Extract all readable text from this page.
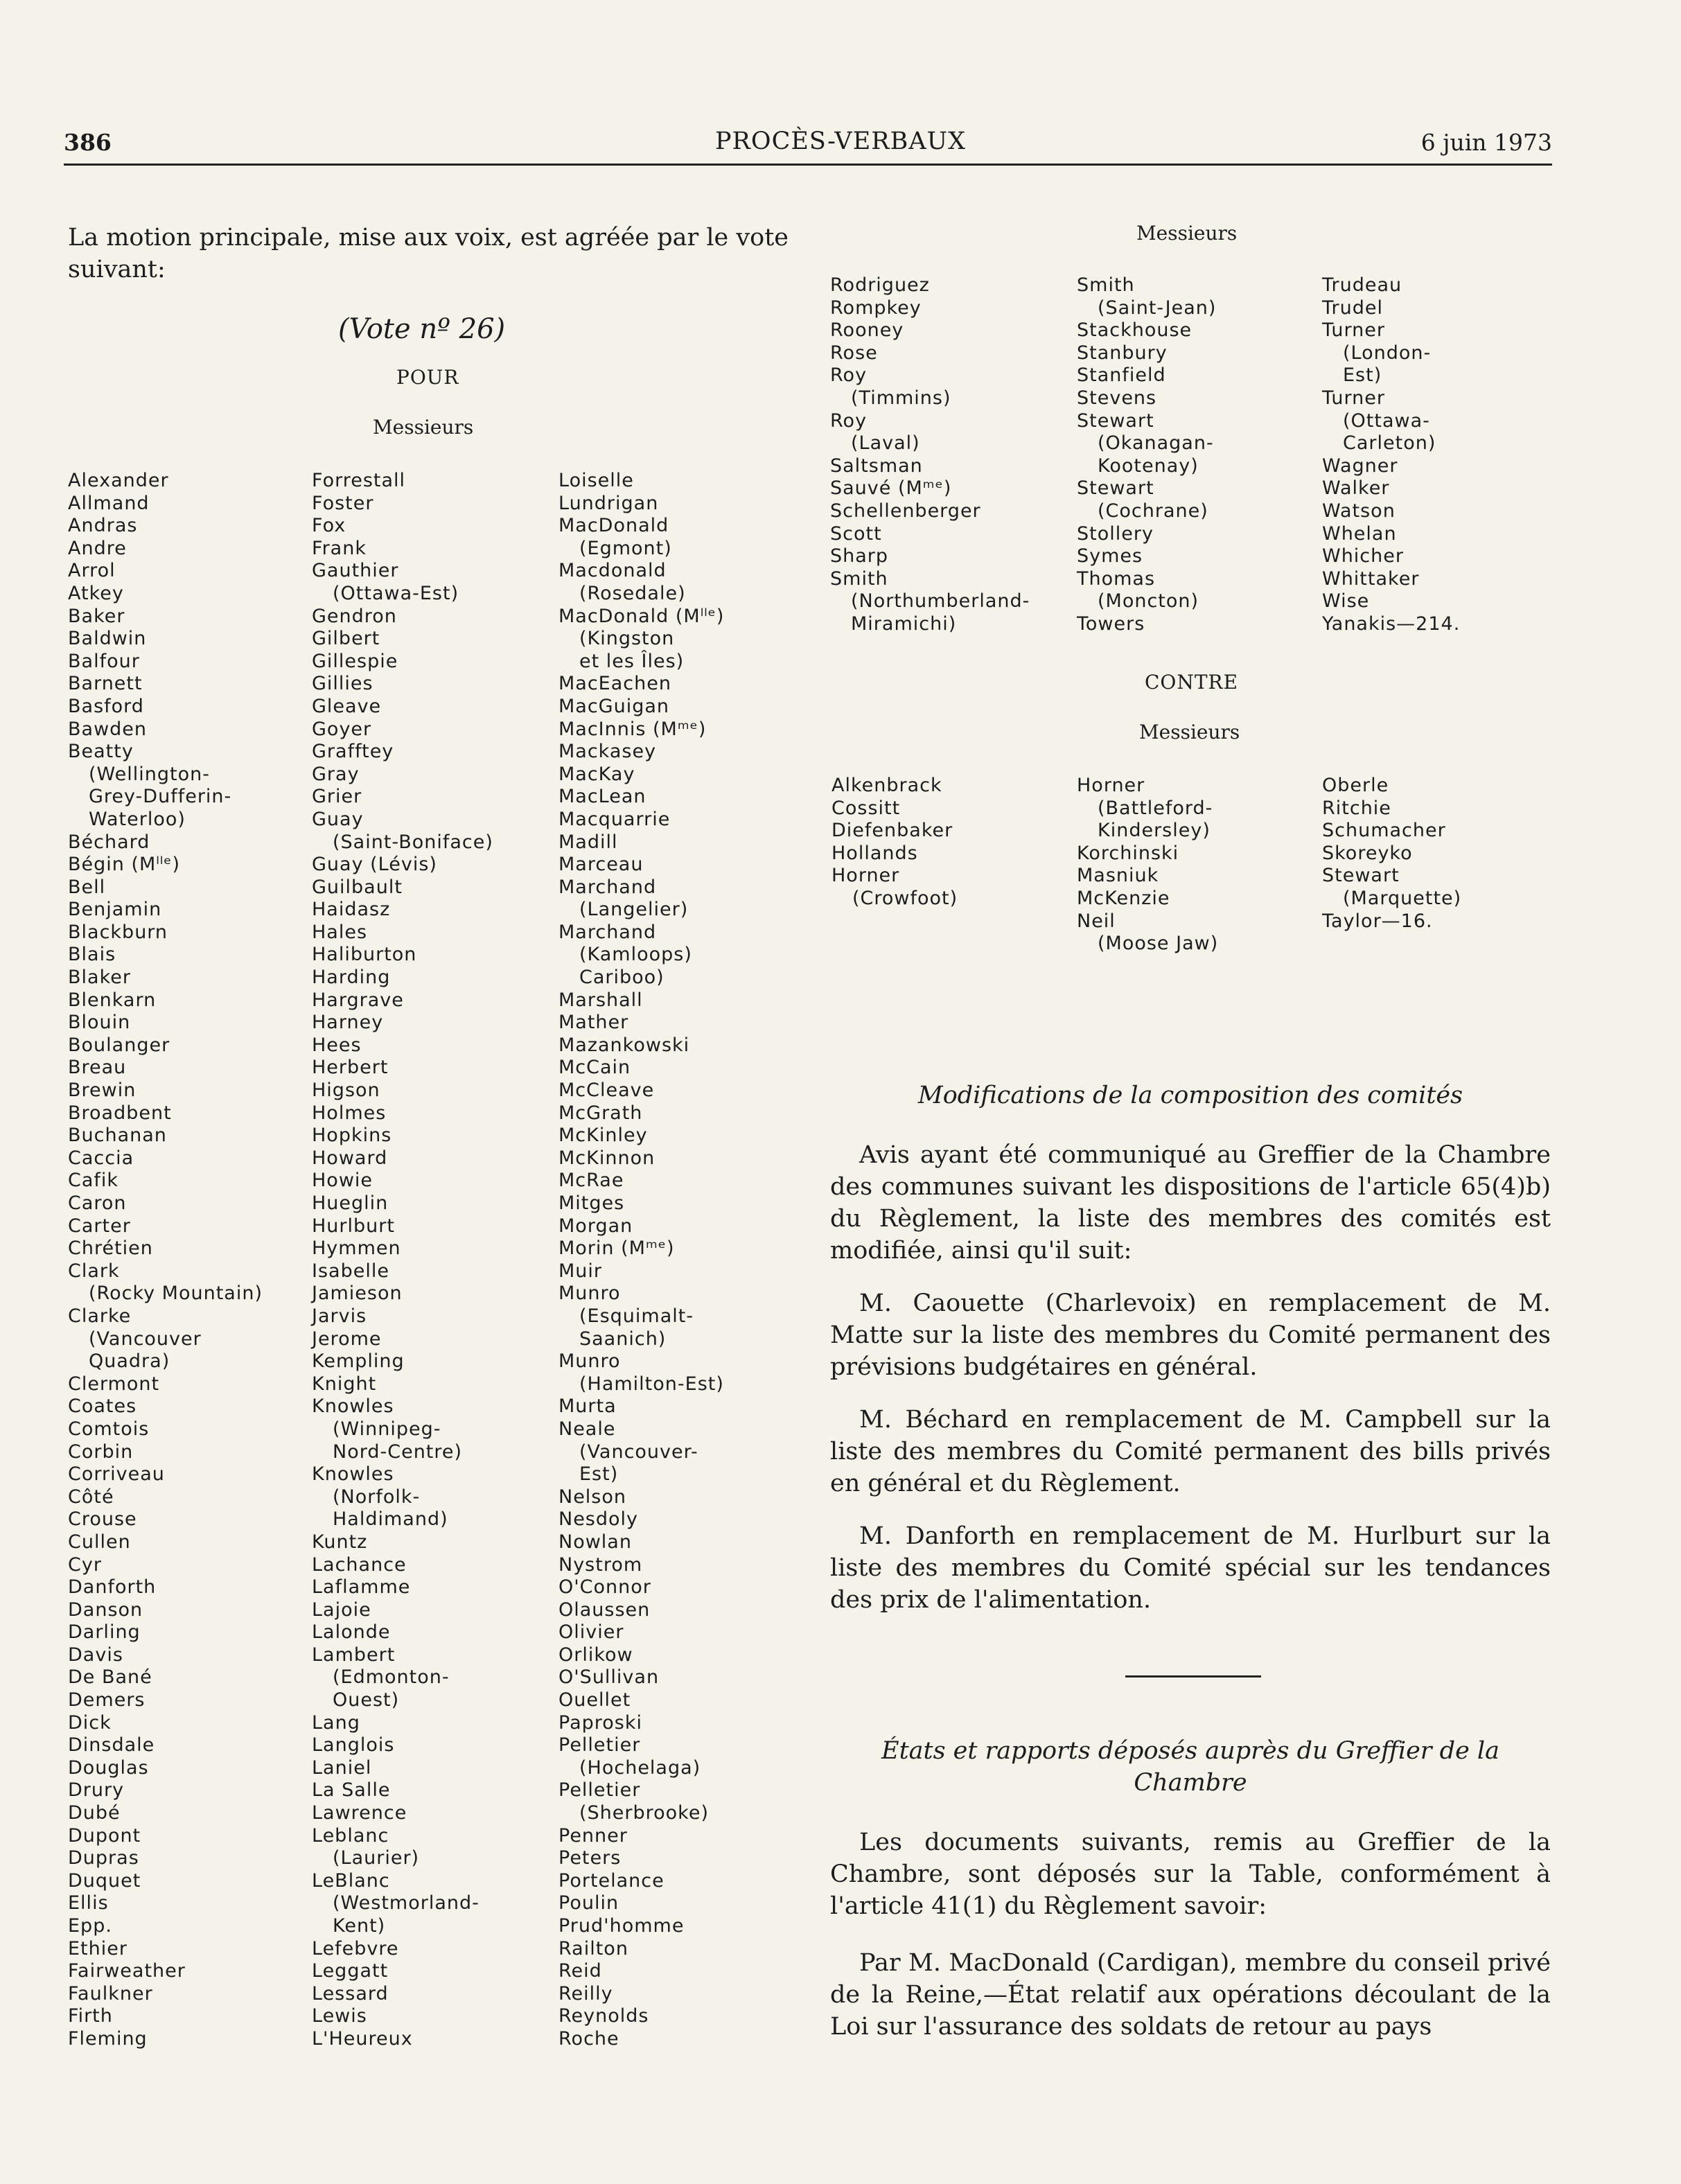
386	PROCÈS-VERBAUX	6 juin 1973
La motion principale, mise aux voix, est agréée par le vote suivant:
(Vote nº 26)
POUR
Messieurs
Alexander
Allmand
Andras
Andre
Arrol
Atkey
Baker
Baldwin
Balfour
Barnett
Basford
Bawden
Beatty
(Wellington-
Grey-Dufferin-
Waterloo)
Béchard
Bégin (Mˡˡᵉ)
Bell
Benjamin
Blackburn
Blais
Blaker
Blenkarn
Blouin
Boulanger
Breau
Brewin
Broadbent
Buchanan
Caccia
Cafik
Caron
Carter
Chrétien
Clark
(Rocky Mountain)
Clarke
(Vancouver
Quadra)
Clermont
Coates
Comtois
Corbin
Corriveau
Côté
Crouse
Cullen
Cyr
Danforth
Danson
Darling
Davis
De Bané
Demers
Dick
Dinsdale
Douglas
Drury
Dubé
Dupont
Dupras
Duquet
Ellis
Epp.
Ethier
Fairweather
Faulkner
Firth
Fleming
Forrestall
Foster
Fox
Frank
Gauthier
(Ottawa-Est)
Gendron
Gilbert
Gillespie
Gillies
Gleave
Goyer
Grafftey
Gray
Grier
Guay
(Saint-Boniface)
Guay (Lévis)
Guilbault
Haidasz
Hales
Haliburton
Harding
Hargrave
Harney
Hees
Herbert
Higson
Holmes
Hopkins
Howard
Howie
Hueglin
Hurlburt
Hymmen
Isabelle
Jamieson
Jarvis
Jerome
Kempling
Knight
Knowles
(Winnipeg-
Nord-Centre)
Knowles
(Norfolk-
Haldimand)
Kuntz
Lachance
Laflamme
Lajoie
Lalonde
Lambert
(Edmonton-
Ouest)
Lang
Langlois
Laniel
La Salle
Lawrence
Leblanc
(Laurier)
LeBlanc
(Westmorland-
Kent)
Lefebvre
Leggatt
Lessard
Lewis
L'Heureux
Loiselle
Lundrigan
MacDonald
(Egmont)
Macdonald
(Rosedale)
MacDonald (Mˡˡᵉ)
(Kingston
et les Îles)
MacEachen
MacGuigan
MacInnis (Mᵐᵉ)
Mackasey
MacKay
MacLean
Macquarrie
Madill
Marceau
Marchand
(Langelier)
Marchand
(Kamloops)
Cariboo)
Marshall
Mather
Mazankowski
McCain
McCleave
McGrath
McKinley
McKinnon
McRae
Mitges
Morgan
Morin (Mᵐᵉ)
Muir
Munro
(Esquimalt-
Saanich)
Munro
(Hamilton-Est)
Murta
Neale
(Vancouver-
Est)
Nelson
Nesdoly
Nowlan
Nystrom
O'Connor
Olaussen
Olivier
Orlikow
O'Sullivan
Ouellet
Paproski
Pelletier
(Hochelaga)
Pelletier
(Sherbrooke)
Penner
Peters
Portelance
Poulin
Prud'homme
Railton
Reid
Reilly
Reynolds
Roche
Messieurs
Rodriguez
Rompkey
Rooney
Rose
Roy
(Timmins)
Roy
(Laval)
Saltsman
Sauvé (Mᵐᵉ)
Schellenberger
Scott
Sharp
Smith
(Northumberland-
Miramichi)
Smith
(Saint-Jean)
Stackhouse
Stanbury
Stanfield
Stevens
Stewart
(Okanagan-
Kootenay)
Stewart
(Cochrane)
Stollery
Symes
Thomas
(Moncton)
Towers
Trudeau
Trudel
Turner
(London-
Est)
Turner
(Ottawa-
Carleton)
Wagner
Walker
Watson
Whelan
Whicher
Whittaker
Wise
Yanakis—214.
CONTRE
Messieurs
Alkenbrack
Cossitt
Diefenbaker
Hollands
Horner
(Crowfoot)
Horner
(Battleford-
Kindersley)
Korchinski
Masniuk
McKenzie
Neil
(Moose Jaw)
Oberle
Ritchie
Schumacher
Skoreyko
Stewart
(Marquette)
Taylor—16.
Modifications de la composition des comités
Avis ayant été communiqué au Greffier de la Chambre des communes suivant les dispositions de l'article 65(4)b) du Règlement, la liste des membres des comités est modifiée, ainsi qu'il suit:
M. Caouette (Charlevoix) en remplacement de M. Matte sur la liste des membres du Comité permanent des prévisions budgétaires en général.
M. Béchard en remplacement de M. Campbell sur la liste des membres du Comité permanent des bills privés en général et du Règlement.
M. Danforth en remplacement de M. Hurlburt sur la liste des membres du Comité spécial sur les tendances des prix de l'alimentation.
États et rapports déposés auprès du Greffier de la Chambre
Les documents suivants, remis au Greffier de la Chambre, sont déposés sur la Table, conformément à l'article 41(1) du Règlement savoir:
Par M. MacDonald (Cardigan), membre du conseil privé de la Reine,—État relatif aux opérations découlant de la Loi sur l'assurance des soldats de retour au pays
